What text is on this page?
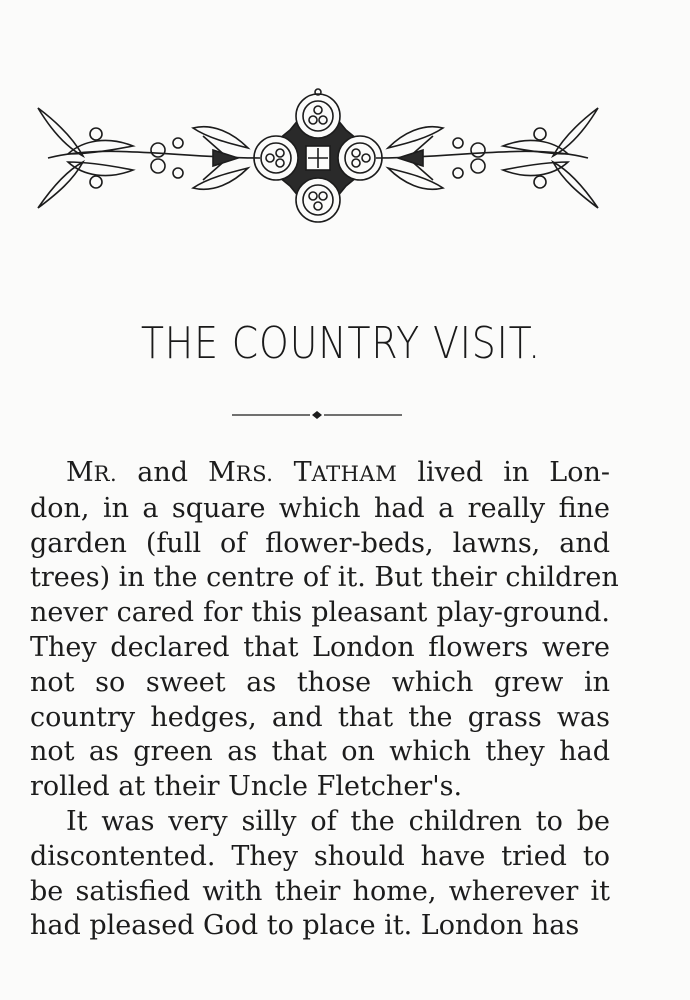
THE COUNTRY VISIT.
MR. and MRS. TATHAM lived in Lon-
don, in a square which had a really fine
garden (full of flower-beds, lawns, and
trees) in the centre of it. But their children
never cared for this pleasant play-ground.
They declared that London flowers were
not so sweet as those which grew in
country hedges, and that the grass was
not as green as that on which they had
rolled at their Uncle Fletcher's.
It was very silly of the children to be
discontented. They should have tried to
be satisfied with their home, wherever it
had pleased God to place it. London has
